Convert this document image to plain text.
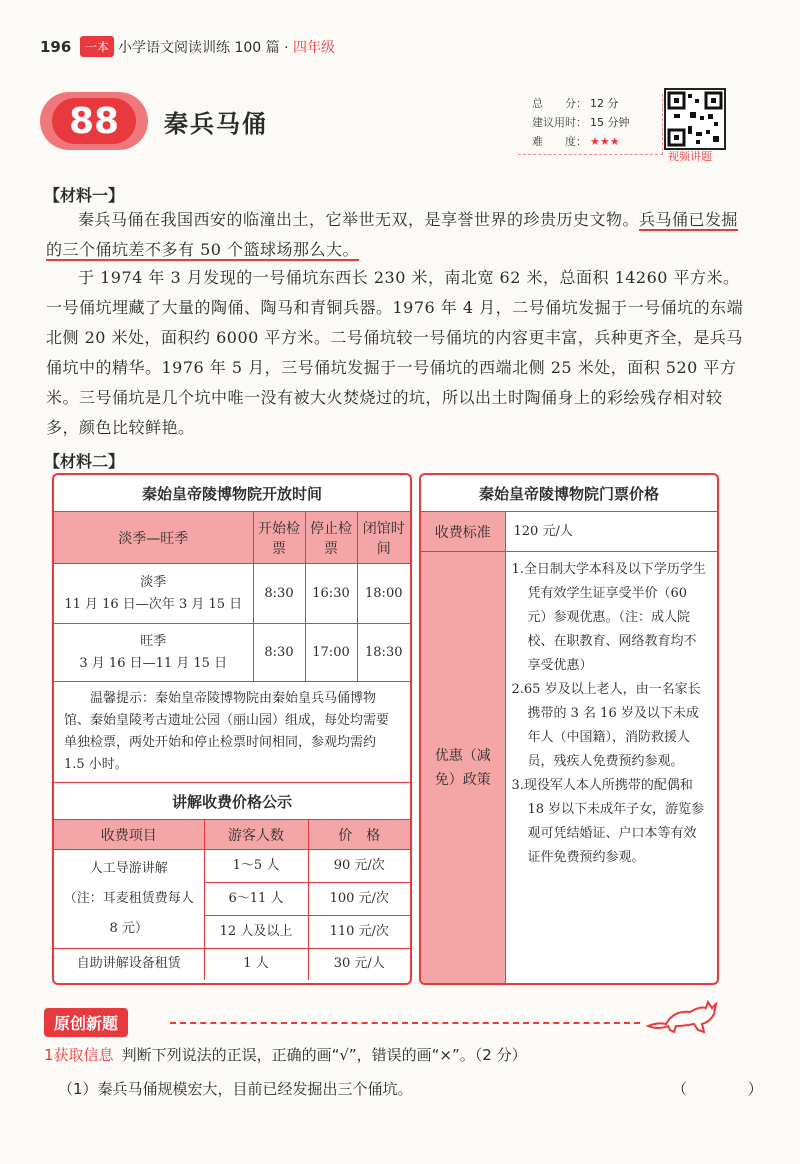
196	一本 小学语文阅读训练 100 篇 · 四年级
88 秦兵马俑
总　　分： 12 分
建议用时： 15 分钟
难　　度： ★★★
视频讲题
【材料一】
秦兵马俑在我国西安的临潼出土，它举世无双，是享誉世界的珍贵历史文物。兵马俑已发掘的三个俑坑差不多有 50 个篮球场那么大。
于 1974 年 3 月发现的一号俑坑东西长 230 米，南北宽 62 米，总面积 14260 平方米。一号俑坑埋藏了大量的陶俑、陶马和青铜兵器。1976 年 4 月，二号俑坑发掘于一号俑坑的东端北侧 20 米处，面积约 6000 平方米。二号俑坑较一号俑坑的内容更丰富，兵种更齐全，是兵马俑坑中的精华。1976 年 5 月，三号俑坑发掘于一号俑坑的西端北侧 25 米处，面积 520 平方米。三号俑坑是几个坑中唯一没有被大火焚烧过的坑，所以出土时陶俑身上的彩绘残存相对较多，颜色比较鲜艳。
【材料二】
秦始皇帝陵博物院开放时间			
淡季—旺季	开始检票	停止检票	闭馆时间

淡季
11 月 16 日—次年 3 月 15 日	8:30	16:30	18:00

旺季
3 月 16 日—11 月 15 日	8:30	17:00	18:30
温馨提示：秦始皇帝陵博物院由秦始皇兵马俑博物馆、秦始皇陵考古遗址公园（丽山园）组成，每处均需要单独检票，两处开始和停止检票时间相同，参观均需约 1.5 小时。			
讲解收费价格公示		
收费项目	游客人数	价　格

人工导游讲解
（注：耳麦租赁费每人 8 元）	1～5 人	90 元/次
	6～11 人	100 元/次
	12 人及以上	110 元/次
自助讲解设备租赁	1 人	30 元/人
秦始皇帝陵博物院门票价格	
收费标准	120 元/人
优惠（减免）政策	1.全日制大学本科及以下学历学生凭有效学生证享受半价（60 元）参观优惠。（注：成人院校、在职教育、网络教育均不享受优惠）
2.65 岁及以上老人，由一名家长携带的 3 名 16 岁及以下未成年人（中国籍），消防救援人员，残疾人免费预约参观。
3.现役军人本人所携带的配偶和 18 岁以下未成年子女，游览参观可凭结婚证、户口本等有效证件免费预约参观。
原创新题
1获取信息 判断下列说法的正误，正确的画“√”，错误的画“×”。（2 分）
（1）秦兵马俑规模宏大，目前已经发掘出三个俑坑。	（ ）
